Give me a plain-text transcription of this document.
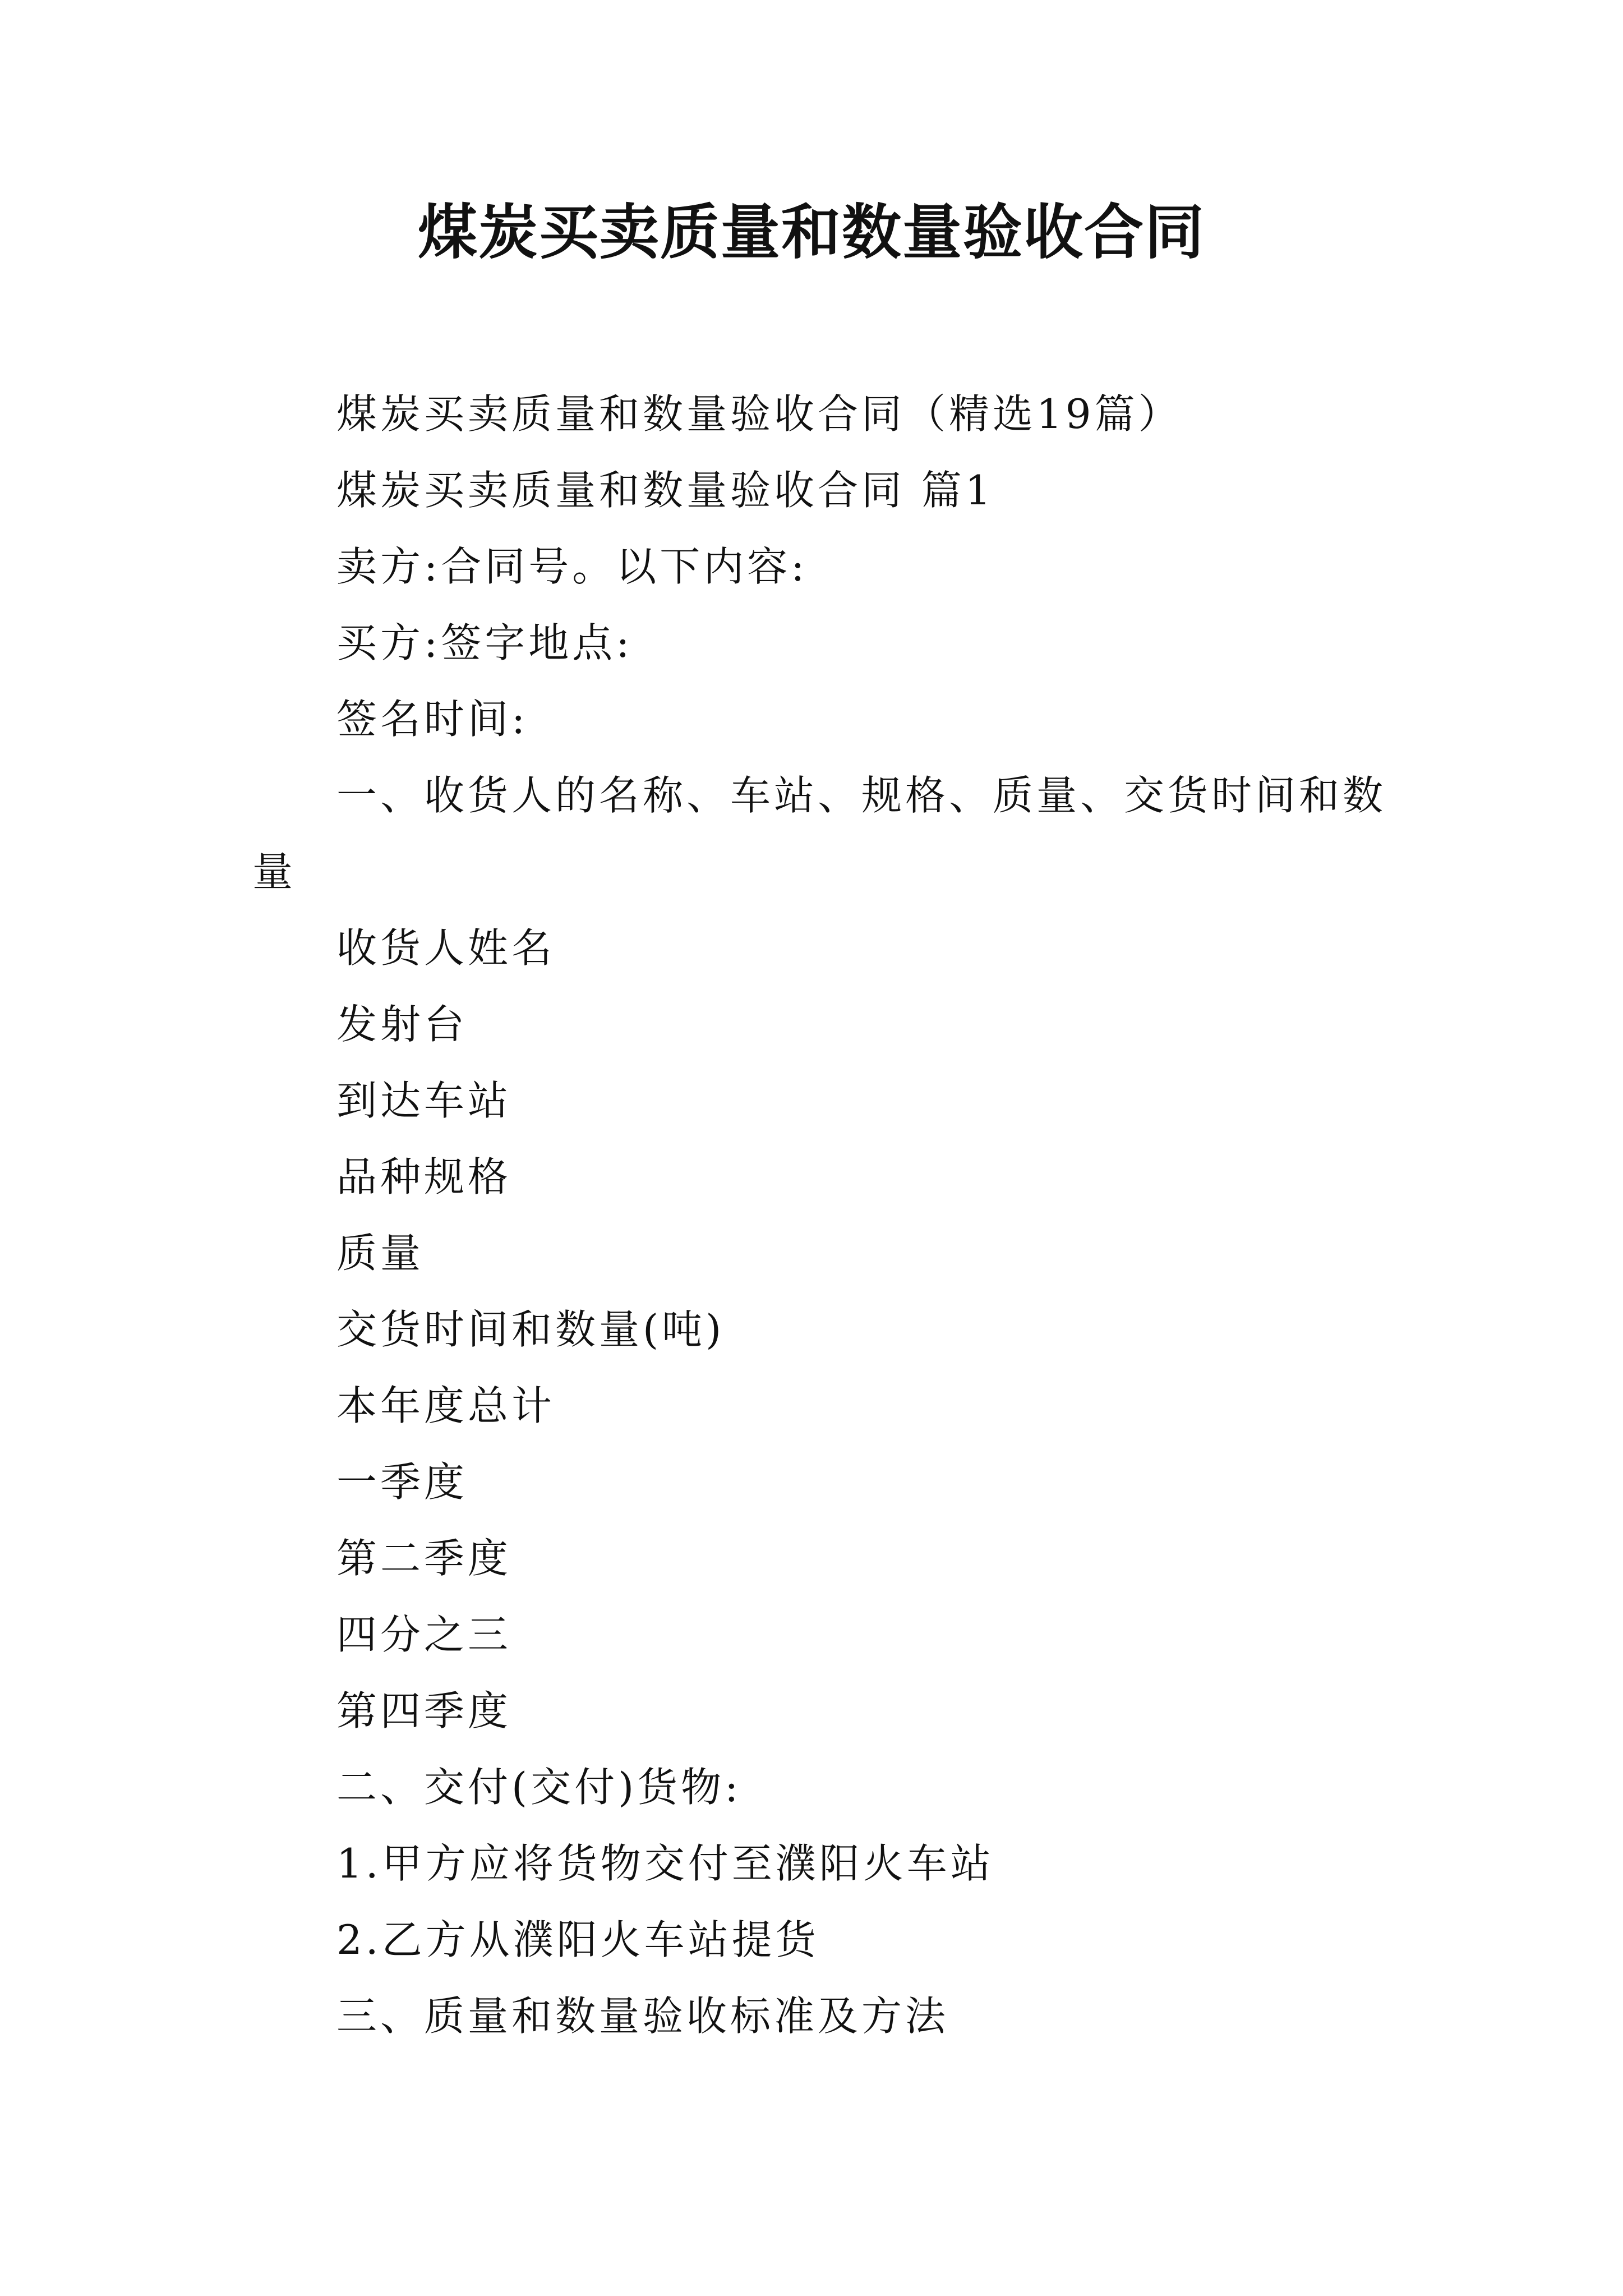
煤炭买卖质量和数量验收合同
煤炭买卖质量和数量验收合同（精选19篇）
煤炭买卖质量和数量验收合同 篇1
卖方:合同号。以下内容:
买方:签字地点:
签名时间:
一、收货人的名称、车站、规格、质量、交货时间和数
量
收货人姓名
发射台
到达车站
品种规格
质量
交货时间和数量(吨)
本年度总计
一季度
第二季度
四分之三
第四季度
二、交付(交付)货物:
1.甲方应将货物交付至濮阳火车站
2.乙方从濮阳火车站提货
三、质量和数量验收标准及方法
